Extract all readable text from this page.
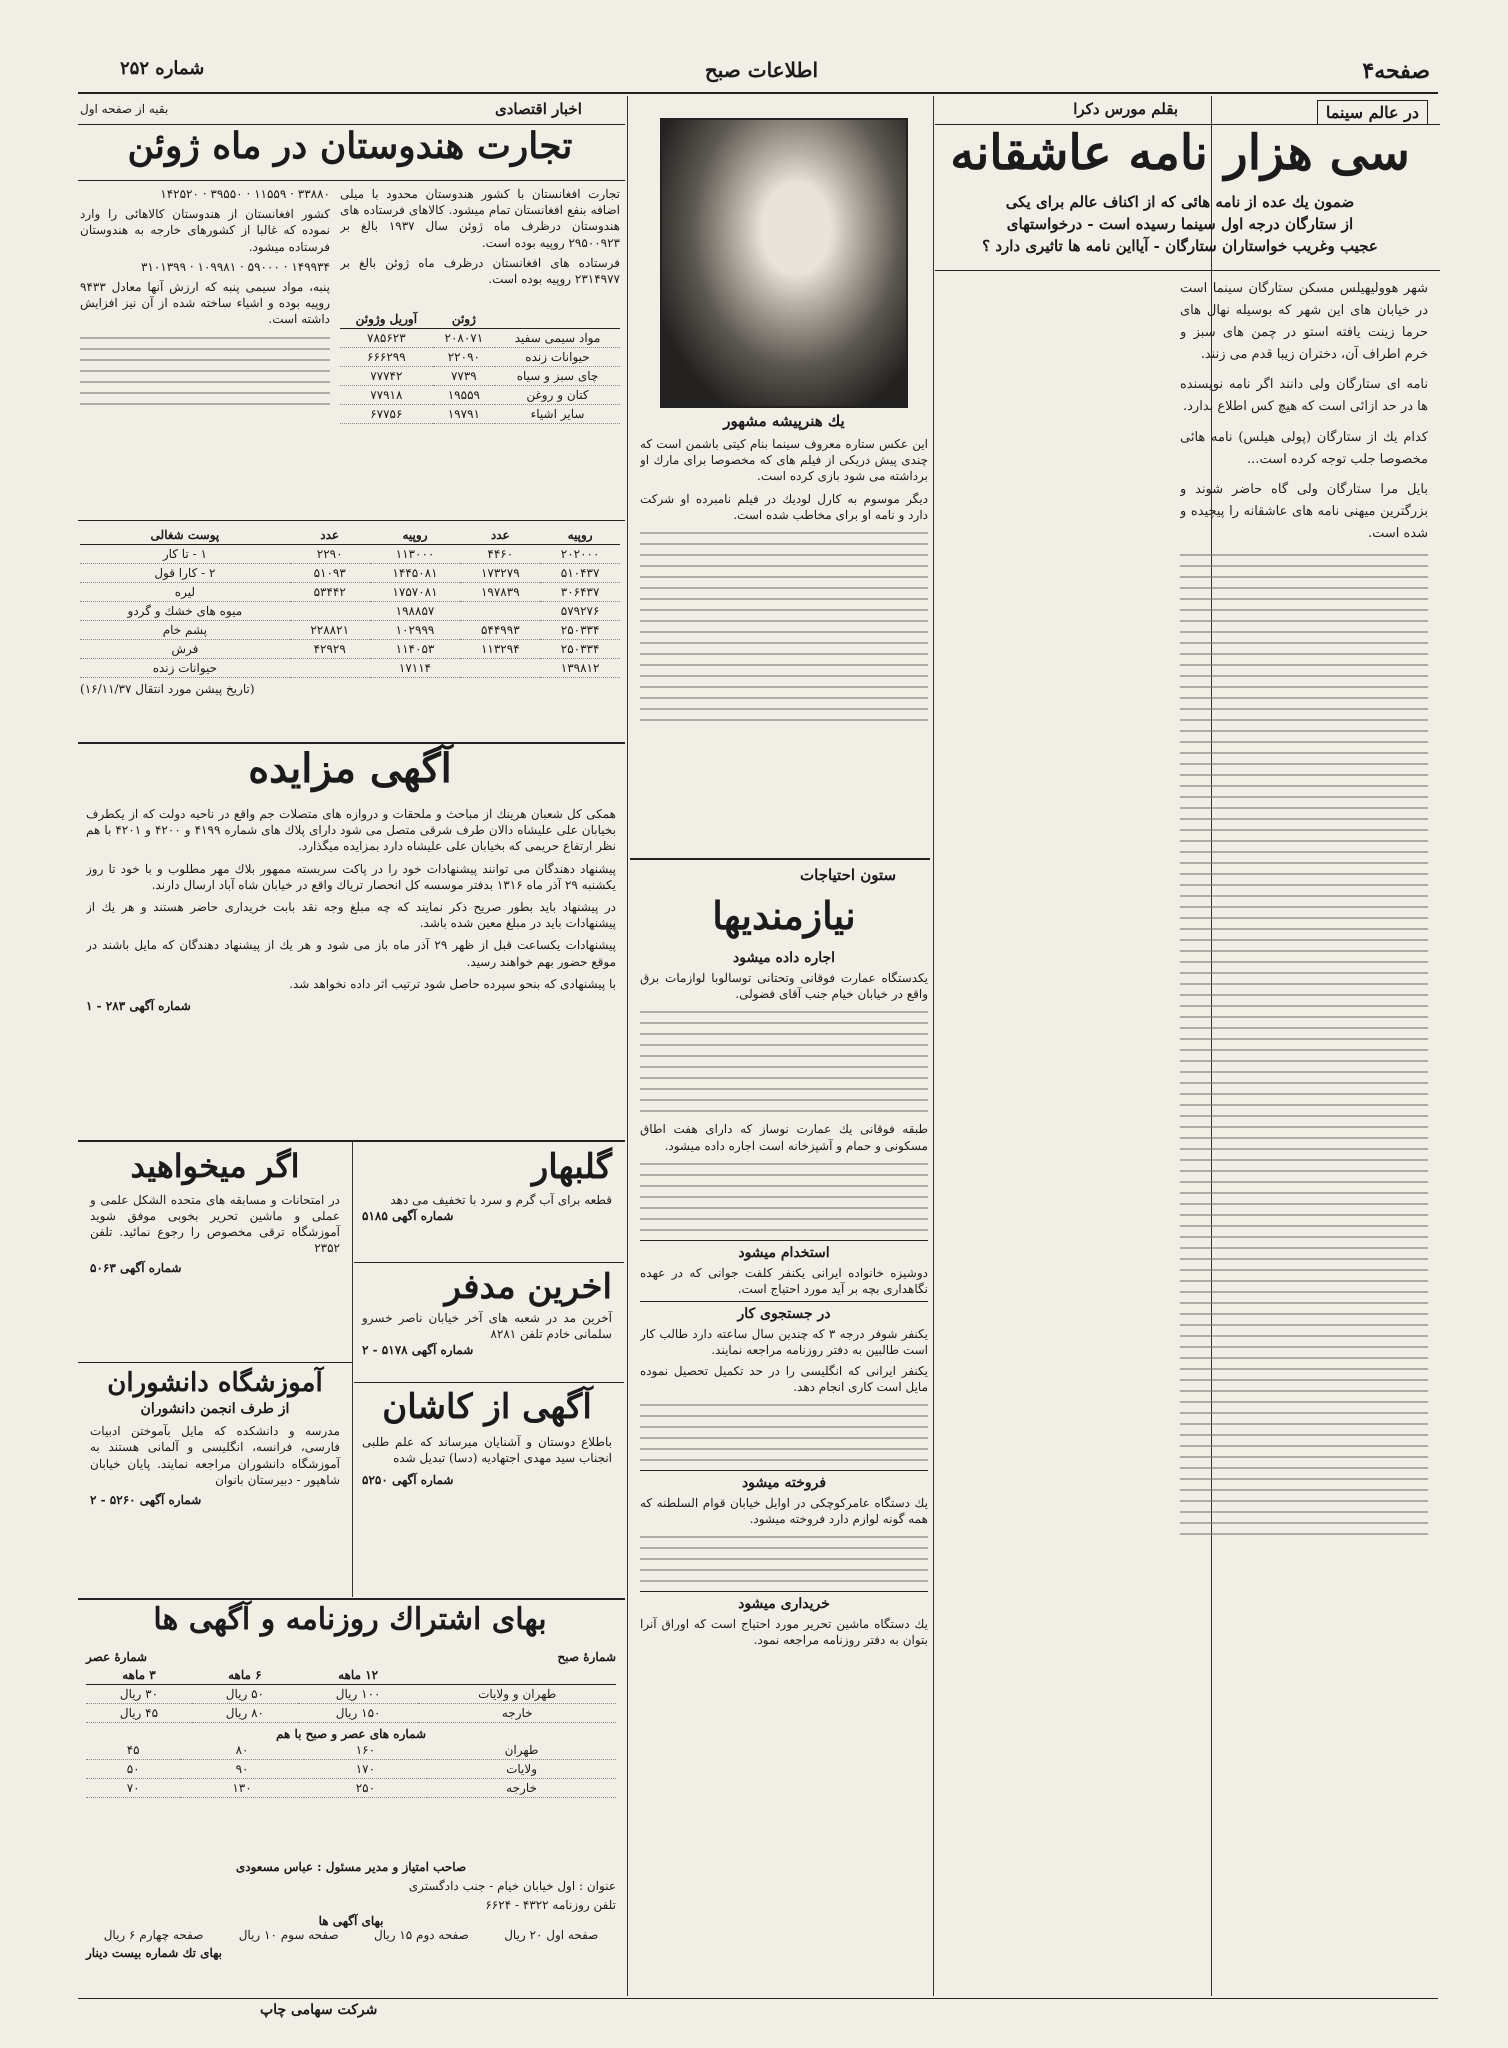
صفحه۴
اطلاعات صبح
شماره ۲۵۲
در عالم سینما
بقلم مورس دکرا
سی هزار نامه عاشقانه
ضمون یك عده از نامه هائی که از اکناف عالم برای یکی
از ستارگان درجه اول سینما رسیده است - درخواستهای
عجیب وغریب خواستاران ستارگان - آیااین نامه ها تاثیری دارد ؟

شهر هوولیهیلس مسکن ستارگان سینما است در خیابان های این شهر که بوسیله نهال های حرما زینت یافته استو در چمن های سبز و خرم اطراف آن، دختران زیبا قدم می زنند.

نامه ای ستارگان ولی دانند اگر نامه نویسنده ها در حد ازائی است که هیچ کس اطلاع ندارد.

کدام یك از ستارگان (پولی هیلس) نامه هائی مخصوصا جلب توجه کرده است...

بایل مرا ستارگان ولی گاه حاضر شوند و بزرگترین میهنی نامه های عاشقانه را پیچیده و شده است.

یك هنرپیشه مشهور

این عکس ستاره معروف سینما بنام کیتی باشمن است که چندی پیش دریکی از فیلم های که مخصوصا برای مارك او برداشته می شود بازی کرده است.

دیگر موسوم به کارل لودیك در فیلم نامبرده او شرکت دارد و نامه او برای مخاطب شده است.

ستون احتیاجات
نیازمندیها
اجاره داده میشود

یکدستگاه عمارت فوقانی وتحتانی توسالوبا لوازمات برق واقع در خیابان خیام جنب آقای فضولی.

طبقه فوقانی یك عمارت نوساز که دارای هفت اطاق مسکونی و حمام و آشپزخانه است اجاره داده میشود.

استخدام میشود

دوشیزه خانواده ایرانی یکنفر کلفت جوانی که در عهده نگاهداری بچه بر آید مورد احتیاج است.

در جستجوی کار

یکنفر شوفر درجه ۳ که چندین سال ساعته دارد طالب کار است طالبین به دفتر روزنامه مراجعه نمایند.

یکنفر ایرانی که انگلیسی را در حد تکمیل تحصیل نموده مایل است کاری انجام دهد.

فروخته میشود

یك دستگاه عامرکوچکی در اوایل خیابان قوام السلطنه که همه گونه لوازم دارد فروخته میشود.

خریداری میشود

یك دستگاه ماشین تحریر مورد احتیاج است که اوراق آنرا بتوان به دفتر روزنامه مراجعه نمود.

اخبار اقتصادی
بقیه از صفحه اول
تجارت هندوستان در ماه ژوئن

تجارت افغانستان با کشور هندوستان محدود با میلی اضافه بنفع افغانستان تمام میشود. کالاهای فرستاده های هندوستان درظرف ماه ژوئن سال ۱۹۳۷ بالغ بر ۲۹۵۰۰۹۲۳ روپیه بوده است.

فرستاده های افغانستان درظرف ماه ژوئن بالغ بر ۲۳۱۴۹۷۷ روپیه بوده است.

۳۳۸۸۰ · ۱۱۵۵۹ · ۳۹۵۵۰ · ۱۴۲۵۲۰

کشور افغانستان از هندوستان کالاهائی را وارد نموده که غالبا از کشورهای خارجه به هندوستان فرستاده میشود.

۱۴۹۹۳۴ · ۵۹۰۰۰ · ۱۰۹۹۸۱ · ۳۱۰۱۳۹۹

پنبه، مواد سیمی پنبه که ارزش آنها معادل ۹۴۳۳ روپیه بوده و اشیاء ساخته شده از آن نیز افزایش داشته است.

		ژوئن	آوریل وژوئن
مواد سیمی سفید	۲۰۸۰۷۱	۷۸۵۶۲۳
حیوانات زنده	۲۲۰۹۰	۶۶۶۲۹۹
چای سبز و سیاه	۷۷۳۹	۷۷۷۴۲
کتان و روغن	۱۹۵۵۹	۷۷۹۱۸
سایر اشیاء	۱۹۷۹۱	۶۷۷۵۶
روپیه	عدد	روپیه	عدد	پوست شغالی
۲۰۲۰۰۰	۴۴۶۰	۱۱۳۰۰۰	۲۲۹۰	۱ - تا کار
۵۱۰۴۳۷	۱۷۳۲۷۹	۱۴۴۵۰۸۱	۵۱۰۹۳	۲ - کارا قول
۳۰۶۴۳۷	۱۹۷۸۳۹	۱۷۵۷۰۸۱	۵۳۴۴۲	لیره
۵۷۹۲۷۶		۱۹۸۸۵۷		میوه های خشك و گردو
۲۵۰۳۳۴	۵۴۴۹۹۳	۱۰۲۹۹۹	۲۲۸۸۲۱	پشم خام
۲۵۰۳۳۴	۱۱۳۲۹۴	۱۱۴۰۵۳	۴۲۹۲۹	فرش
۱۳۹۸۱۲		۱۷۱۱۴		حیوانات زنده
(تاریخ پیشن مورد انتقال ۱۶/۱۱/۳۷)
آگهی مزایده

همکی کل شعبان هرینك از مباحث و ملحقات و دروازه های متصلات جم واقع در ناحیه دولت که از یکطرف بخیابان علی علیشاه دالان طرف شرقی متصل می شود دارای پلاك های شماره ۴۱۹۹ و ۴۲۰۰ و ۴۲۰۱ با هم نظر ارتفاع حریمی که بخیابان علی علیشاه دارد بمزایده میگذارد.

پیشنهاد دهندگان می توانند پیشنهادات خود را در پاکت سربسته ممهور بلاك مهر مطلوب و با خود تا روز یکشنبه ۲۹ آذر ماه ۱۳۱۶ بدفتر موسسه کل انحصار تریاك واقع در خیابان شاه آباد ارسال دارند.

در پیشنهاد باید بطور صریح ذکر نمایند که چه مبلغ وجه نقد بابت خریداری حاضر هستند و هر یك از پیشنهادات باید در مبلغ معین شده باشد.

پیشنهادات یکساعت قبل از ظهر ۲۹ آذر ماه باز می شود و هر یك از پیشنهاد دهندگان که مایل باشند در موقع حضور بهم خواهند رسید.

با پیشنهادی که بنحو سپرده حاصل شود ترتیب اثر داده نخواهد شد.

شماره آگهی ۲۸۳ - ۱
گلبهار
قطعه برای آب گرم و سرد با تخفیف می دهد
شماره آگهی ۵۱۸۵
اگر میخواهید
در امتحانات و مسابقه های متحده الشکل علمی و عملی و ماشین تحریر بخوبی موفق شوید آموزشگاه ترقی مخصوص را رجوع نمائید. تلفن ۲۳۵۲
شماره آگهی ۵۰۶۳	اخرین مدفر
آخرین مد در شعبه های آخر خیابان ناصر خسرو سلمانی خادم تلفن ۸۲۸۱
شماره آگهی ۵۱۷۸ - ۲
آموزشگاه دانشوران
از طرف انجمن دانشوران
مدرسه و دانشکده که مایل بآموختن ادبیات فارسی، فرانسه، انگلیسی و آلمانی هستند به آموزشگاه دانشوران مراجعه نمایند. پایان خیابان شاهپور - دبیرستان بانوان
شماره آگهی ۵۲۶۰ - ۲
آگهی از کاشان
باطلاع دوستان و آشنایان میرساند که علم طلبی انجناب سید مهدی اجتهادیه (دسا) تبدیل شده
شماره آگهی ۵۲۵۰
بهای اشتراك روزنامه و آگهی ها
شمارۀ صبح
شمارۀ عصر
	۱۲ ماهه	۶ ماهه	۳ ماهه
طهران و ولایات	۱۰۰ ریال	۵۰ ریال	۳۰ ریال
خارجه	۱۵۰ ریال	۸۰ ریال	۴۵ ریال
شماره های عصر و صبح با هم
طهران	۱۶۰	۸۰	۴۵
ولایات	۱۷۰	۹۰	۵۰
خارجه	۲۵۰	۱۳۰	۷۰
صاحب امتیاز و مدیر مسئول : عباس مسعودی
عنوان : اول خیابان خیام - جنب دادگستری
تلفن روزنامه ۴۳۲۲ - ۶۶۲۴
بهای آگهی ها
صفحه اول ۲۰ ریال
صفحه دوم ۱۵ ریال
صفحه سوم ۱۰ ریال
صفحه چهارم ۶ ریال
بهای تك شماره بیست دینار
شرکت سهامی چاپ
